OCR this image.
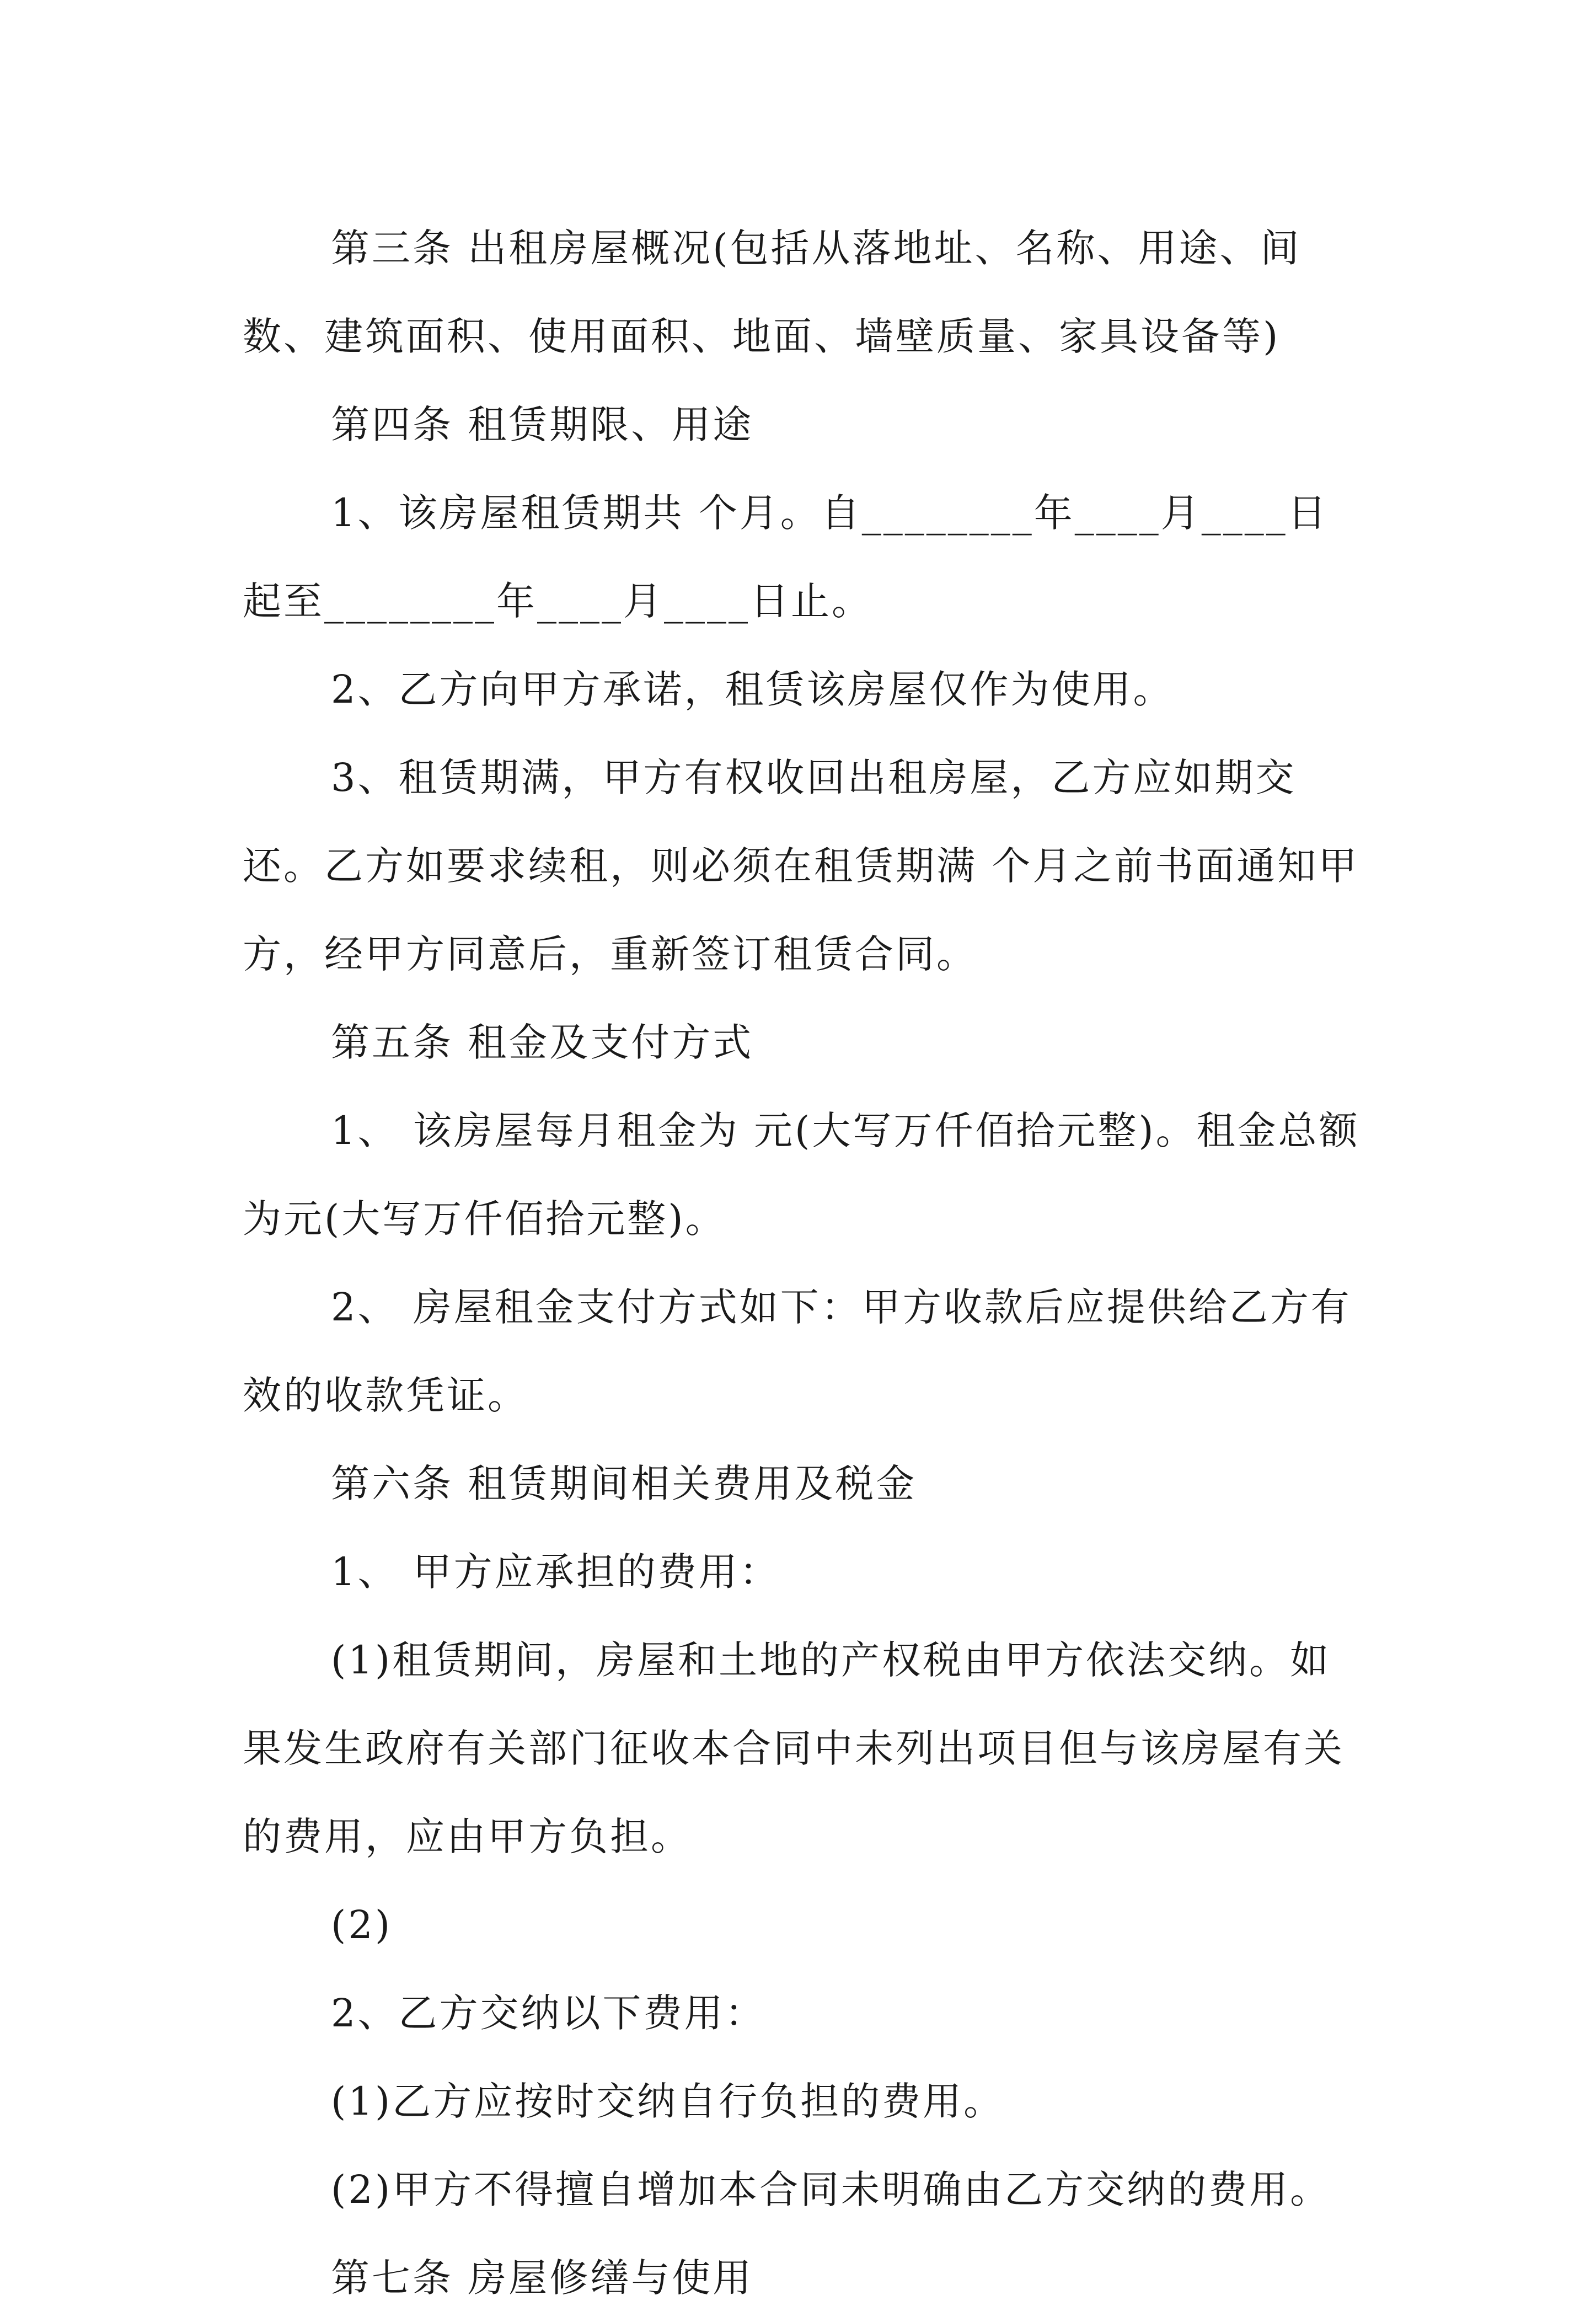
第三条 出租房屋概况(包括从落地址、名称、用途、间数、建筑面积、使用面积、地面、墙壁质量、家具设备等)

第四条 租赁期限、用途

1、该房屋租赁期共 个月。自________年____月____日起至________年____月____日止。

2、乙方向甲方承诺，租赁该房屋仅作为使用。

3、租赁期满，甲方有权收回出租房屋，乙方应如期交还。乙方如要求续租，则必须在租赁期满 个月之前书面通知甲方，经甲方同意后，重新签订租赁合同。

第五条 租金及支付方式

1、 该房屋每月租金为 元(大写万仟佰拾元整)。租金总额为元(大写万仟佰拾元整)。

2、 房屋租金支付方式如下：甲方收款后应提供给乙方有效的收款凭证。

第六条 租赁期间相关费用及税金

1、 甲方应承担的费用：

(1)租赁期间，房屋和土地的产权税由甲方依法交纳。如果发生政府有关部门征收本合同中未列出项目但与该房屋有关的费用，应由甲方负担。

(2)

2、乙方交纳以下费用：

(1)乙方应按时交纳自行负担的费用。

(2)甲方不得擅自增加本合同未明确由乙方交纳的费用。

第七条 房屋修缮与使用
